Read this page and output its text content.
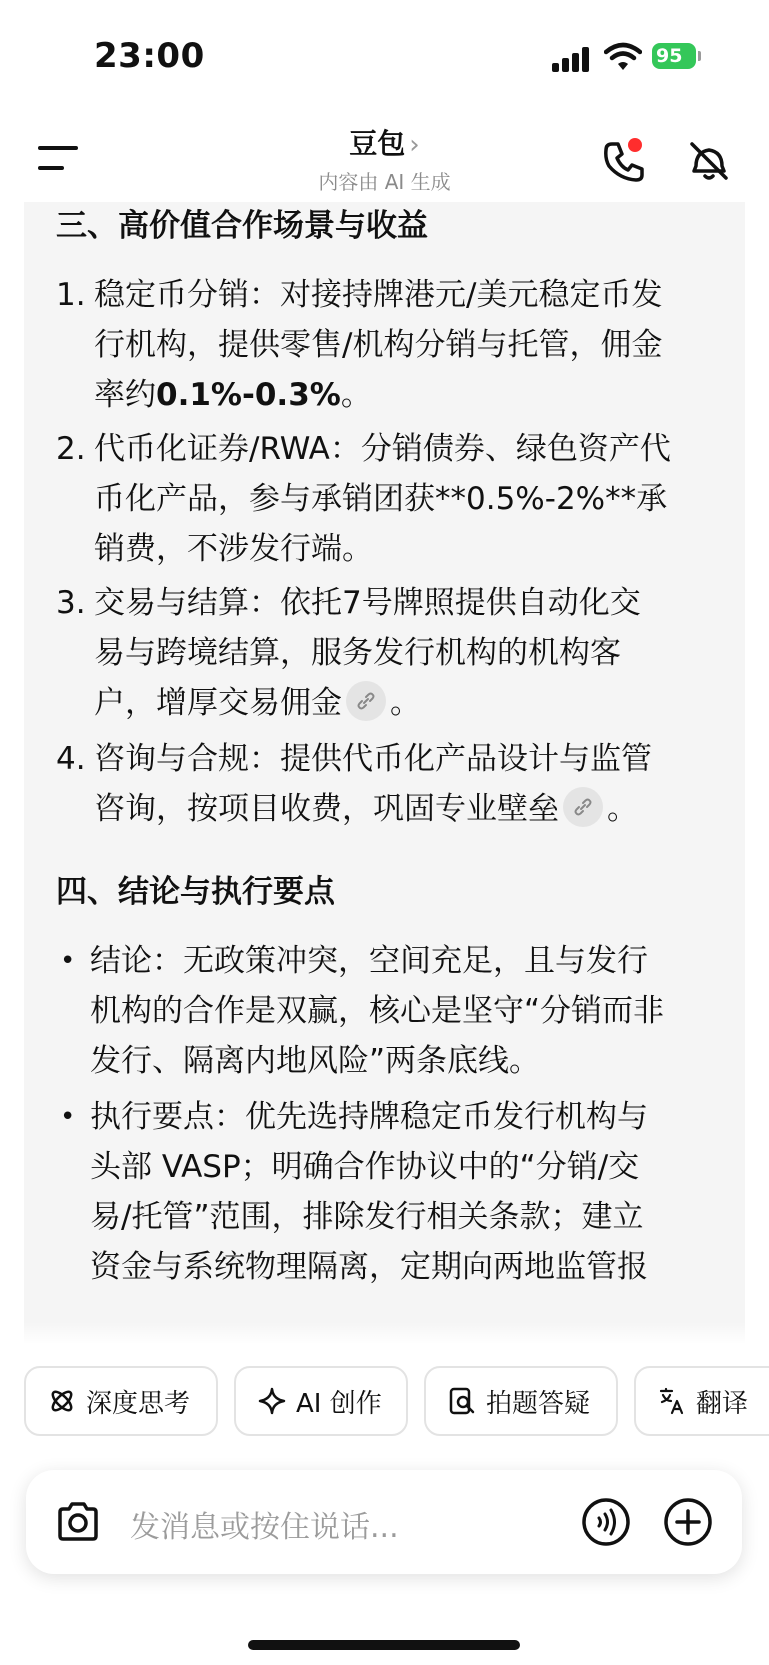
23:00	95
豆包 ›
内容由 AI 生成
三、高价值合作场景与收益
1. 稳定币分销：对接持牌港元/美元稳定币发
行机构，提供零售/机构分销与托管，佣金
率约0.1%-0.3%。
2. 代币化证券/RWA：分销债券、绿色资产代
币化产品，参与承销团获**0.5%-2%**承
销费，不涉发行端。
3. 交易与结算：依托7号牌照提供自动化交
易与跨境结算，服务发行机构的机构客
户，增厚交易佣金 。
4. 咨询与合规：提供代币化产品设计与监管
咨询，按项目收费，巩固专业壁垒 。
四、结论与执行要点
• 结论：无政策冲突，空间充足，且与发行
机构的合作是双赢，核心是坚守“分销而非
发行、隔离内地风险”两条底线。
• 执行要点：优先选持牌稳定币发行机构与
头部 VASP；明确合作协议中的“分销/交
易/托管”范围，排除发行相关条款；建立
资金与系统物理隔离，定期向两地监管报
深度思考	AI 创作	拍题答疑	翻译
发消息或按住说话...
